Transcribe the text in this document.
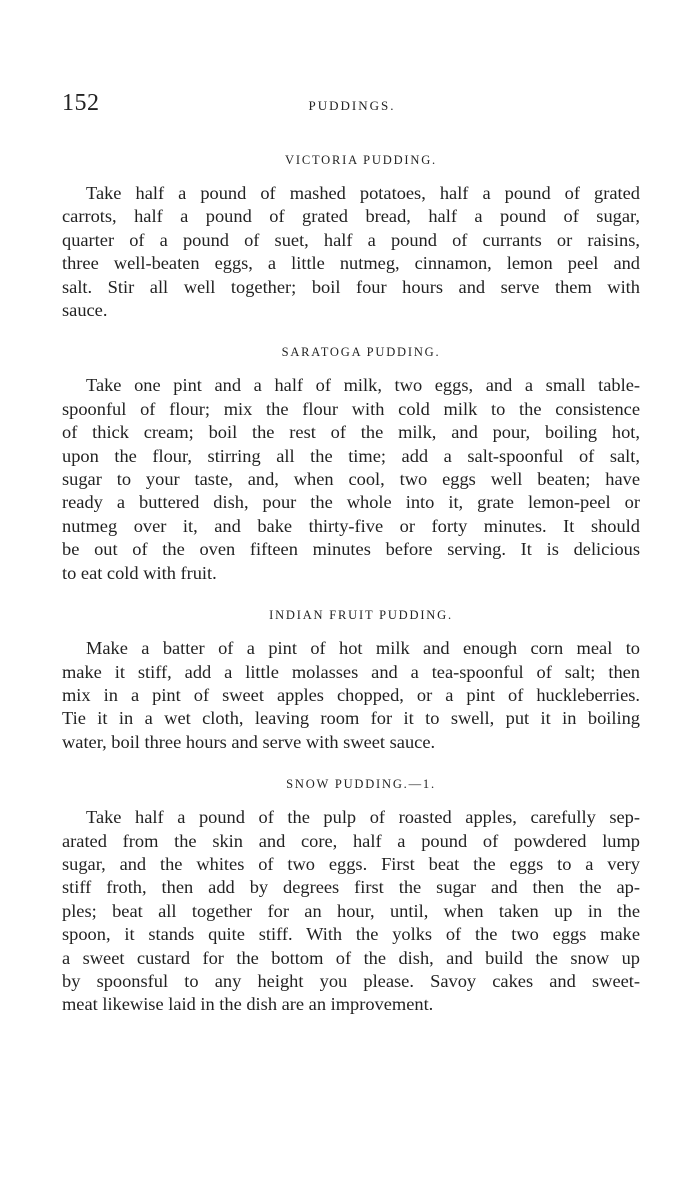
152	PUDDINGS.
VICTORIA PUDDING.

Take half a pound of mashed potatoes, half a pound of grated
carrots, half a pound of grated bread, half a pound of sugar,
quarter of a pound of suet, half a pound of currants or raisins,
three well-beaten eggs, a little nutmeg, cinnamon, lemon peel and
salt. Stir all well together; boil four hours and serve them with
sauce.

SARATOGA PUDDING.

Take one pint and a half of milk, two eggs, and a small table-
spoonful of flour; mix the flour with cold milk to the consistence
of thick cream; boil the rest of the milk, and pour, boiling hot,
upon the flour, stirring all the time; add a salt-spoonful of salt,
sugar to your taste, and, when cool, two eggs well beaten; have
ready a buttered dish, pour the whole into it, grate lemon-peel or
nutmeg over it, and bake thirty-five or forty minutes. It should
be out of the oven fifteen minutes before serving. It is delicious
to eat cold with fruit.

INDIAN FRUIT PUDDING.

Make a batter of a pint of hot milk and enough corn meal to
make it stiff, add a little molasses and a tea-spoonful of salt; then
mix in a pint of sweet apples chopped, or a pint of huckleberries.
Tie it in a wet cloth, leaving room for it to swell, put it in boiling
water, boil three hours and serve with sweet sauce.

SNOW PUDDING.—1.

Take half a pound of the pulp of roasted apples, carefully sep-
arated from the skin and core, half a pound of powdered lump
sugar, and the whites of two eggs. First beat the eggs to a very
stiff froth, then add by degrees first the sugar and then the ap-
ples; beat all together for an hour, until, when taken up in the
spoon, it stands quite stiff. With the yolks of the two eggs make
a sweet custard for the bottom of the dish, and build the snow up
by spoonsful to any height you please. Savoy cakes and sweet-
meat likewise laid in the dish are an improvement.
